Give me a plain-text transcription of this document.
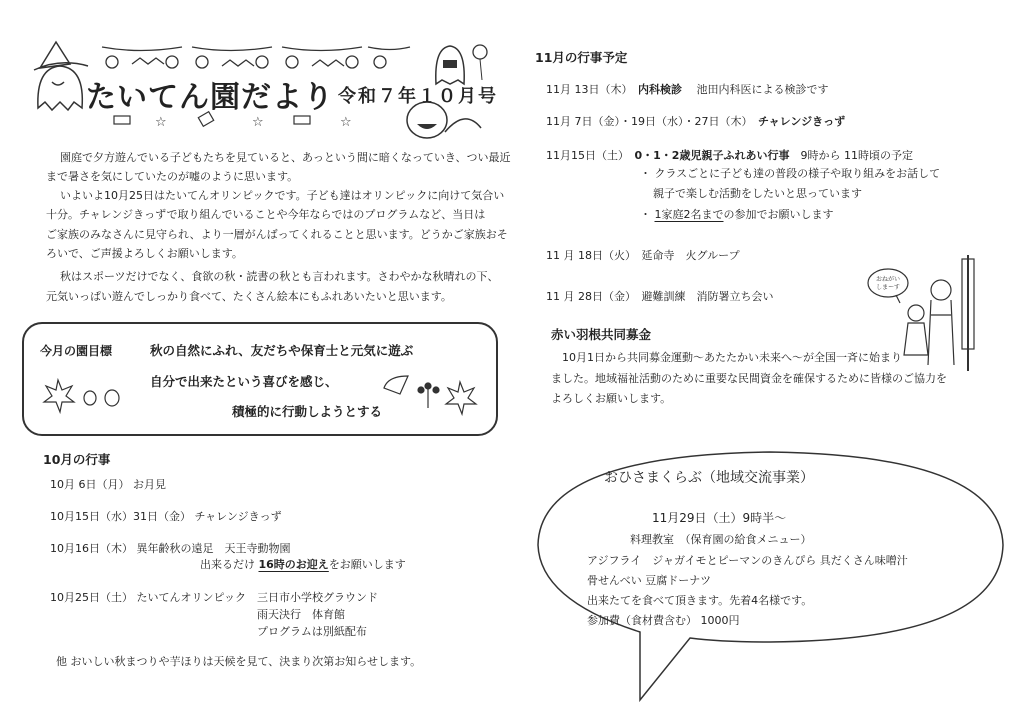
☆	☆	☆
たいてん園だより 令和７年１０月号
園庭で夕方遊んでいる子どもたちを見ていると、あっという間に暗くなっていき、つい最近
まで暑さを気にしていたのが嘘のように思います。
いよいよ10月25日はたいてんオリンピックです。子ども達はオリンピックに向けて気合い
十分。チャレンジきっずで取り組んでいることや今年ならではのプログラムなど、当日は
ご家族のみなさんに見守られ、より一層がんばってくれることと思います。どうかご家族おそ
ろいで、ご声援よろしくお願いします。
秋はスポーツだけでなく、食欲の秋・読書の秋とも言われます。さわやかな秋晴れの下、
元気いっぱい遊んでしっかり食べて、たくさん絵本にもふれあいたいと思います。
今月の園目標	秋の自然にふれ、友だちや保育士と元気に遊ぶ
自分で出来たという喜びを感じ、
積極的に行動しようとする
10月の行事
10月 6日（月） お月見
10月15日（水）31日（金） チャレンジきっず
10月16日（木） 異年齢秋の遠足　天王寺動物園
出来るだけ 16時のお迎えをお願いします
10月25日（土） たいてんオリンピック 三日市小学校グラウンド
雨天決行　体育館
プログラムは別紙配布
他 おいしい秋まつりや芋ほりは天候を見て、決まり次第お知らせします。
11月の行事予定
11月 13日（木）　 内科検診　 池田内科医による検診です
11月 7日（金）・19日（水）・27日（木）　 チャレンジきっず
11月15日（土）　 0・1・2歳児親子ふれあい行事　 9時から 11時頃の予定
・ クラスごとに子ども達の普段の様子や取り組みをお話して
親子で楽しむ活動をしたいと思っています
・ 1家庭2名までの参加でお願いします
11 月 18日（火）　延命寺　火グループ
11 月 28日（金）　避難訓練　消防署立ち会い
おねがい
しまーす
赤い羽根共同募金
10月1日から共同募金運動～あたたかい未来へ～が全国一斉に始まり
ました。地域福祉活動のために重要な民間資金を確保するために皆様のご協力を
よろしくお願いします。
おひさまくらぶ（地域交流事業）
11月29日（土）9時半～
料理教室　（保育園の給食メニュー）
アジフライ　ジャガイモとピーマンのきんぴら 具だくさん味噌汁
骨せんべい 豆腐ドーナツ
出来たてを食べて頂きます。先着4名様です。
参加費（食材費含む） 1000円
